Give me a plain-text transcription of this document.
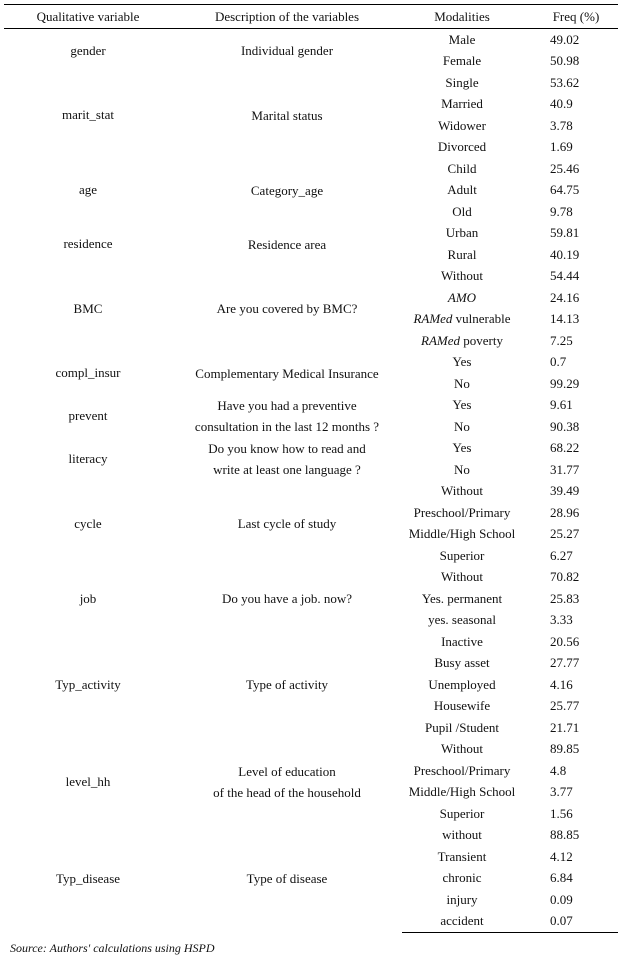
Qualitative variable	Description of the variables	Modalities	Freq (%)
gender	Individual gender	Male	49.02
		Female	50.98
marit_stat	Marital status	Single	53.62
		Married	40.9
		Widower	3.78
		Divorced	1.69
age	Category_age	Child	25.46
		Adult	64.75
		Old	9.78
residence	Residence area	Urban	59.81
		Rural	40.19
BMC	Are you covered by BMC?	Without	54.44
		AMO	24.16
		RAMed vulnerable	14.13
		RAMed poverty	7.25
compl_insur	Complementary Medical Insurance	Yes	0.7
		No	99.29
prevent	Have you had a preventive
consultation in the last 12 months ?	Yes	9.61
		No	90.38
literacy	Do you know how to read and
write at least one language ?	Yes	68.22
		No	31.77
cycle	Last cycle of study	Without	39.49
		Preschool/Primary	28.96
		Middle/High School	25.27
		Superior	6.27
job	Do you have a job. now?	Without	70.82
		Yes. permanent	25.83
		yes. seasonal	3.33
Typ_activity	Type of activity	Inactive	20.56
		Busy asset	27.77
		Unemployed	4.16
		Housewife	25.77
		Pupil /Student	21.71
level_hh	Level of education
of the head of the household	Without	89.85
		Preschool/Primary	4.8
		Middle/High School	3.77
		Superior	1.56
Typ_disease	Type of disease	without	88.85
		Transient	4.12
		chronic	6.84
		injury	0.09
		accident	0.07
Source: Authors' calculations using HSPD
